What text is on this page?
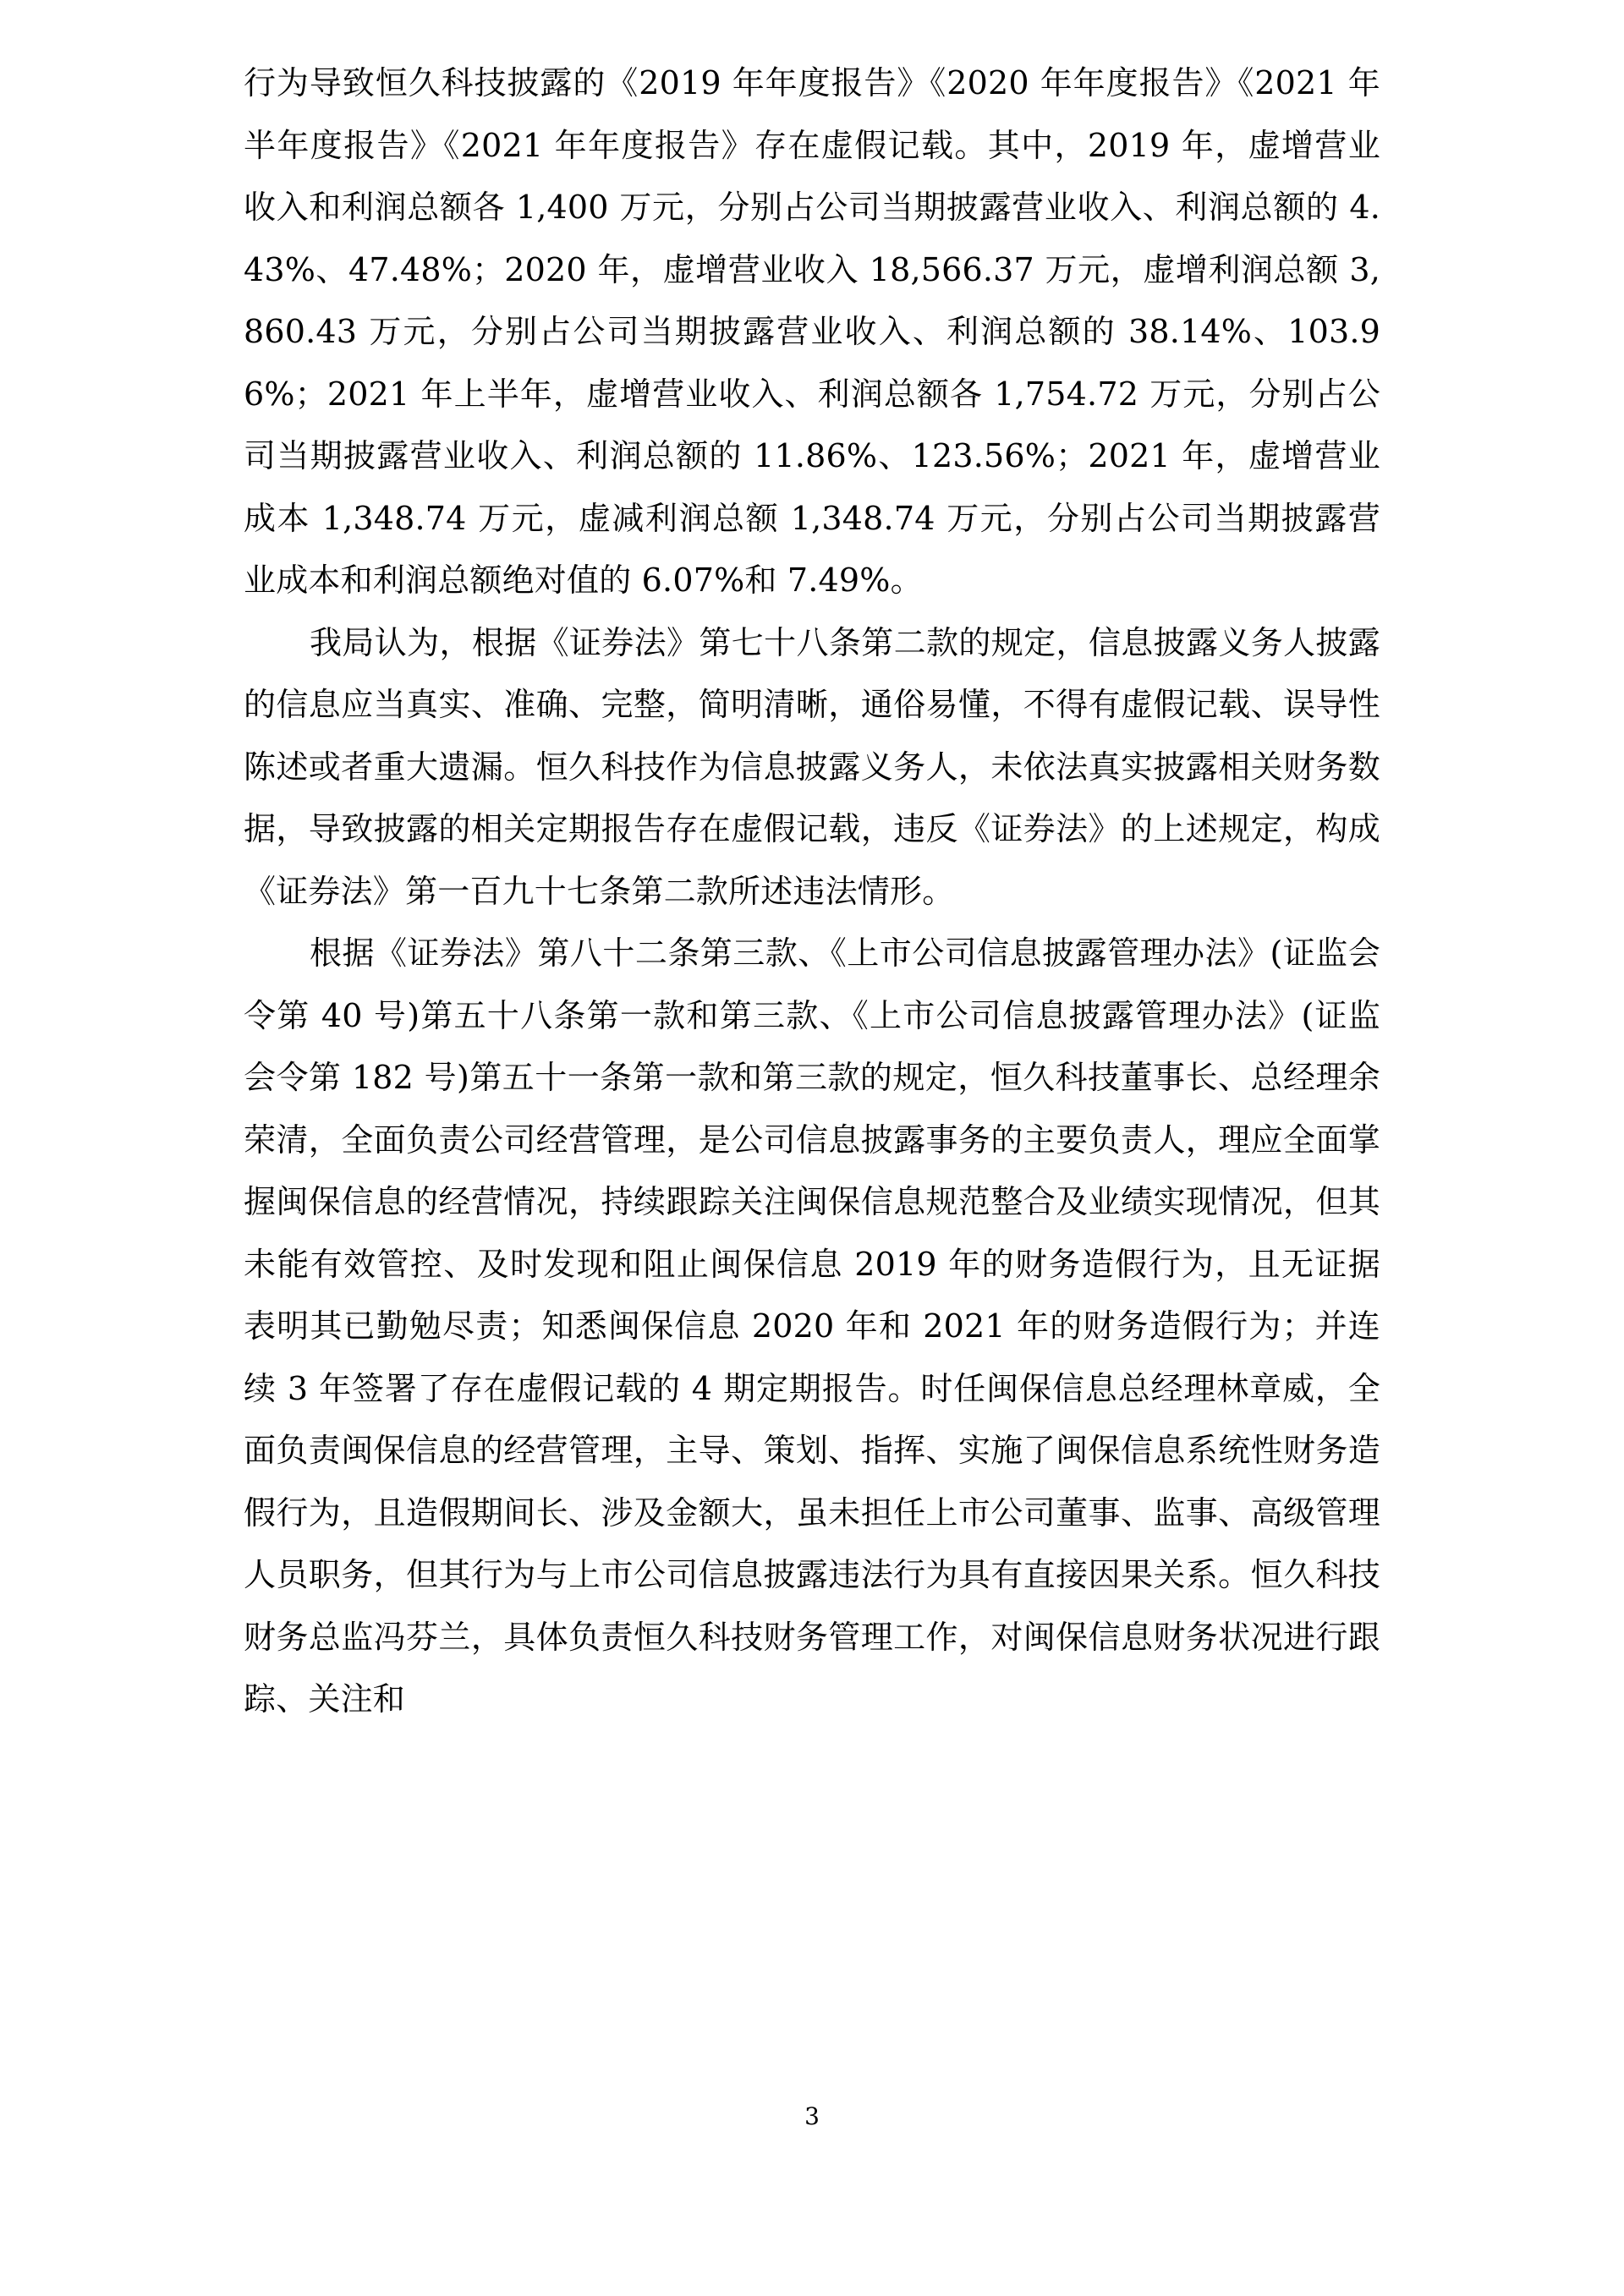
行为导致恒久科技披露的《2019 年年度报告》《2020 年年度报告》《2021 年半年度报告》《2021 年年度报告》存在虚假记载。其中，2019 年，虚增营业收入和利润总额各 1,400 万元，分别占公司当期披露营业收入、利润总额的 4.43%、47.48%；2020 年，虚增营业收入 18,566.37 万元，虚增利润总额 3,860.43 万元，分别占公司当期披露营业收入、利润总额的 38.14%、103.96%；2021 年上半年，虚增营业收入、利润总额各 1,754.72 万元，分别占公司当期披露营业收入、利润总额的 11.86%、123.56%；2021 年，虚增营业成本 1,348.74 万元，虚减利润总额 1,348.74 万元，分别占公司当期披露营业成本和利润总额绝对值的 6.07%和 7.49%。

我局认为，根据《证券法》第七十八条第二款的规定，信息披露义务人披露的信息应当真实、准确、完整，简明清晰，通俗易懂，不得有虚假记载、误导性陈述或者重大遗漏。恒久科技作为信息披露义务人，未依法真实披露相关财务数据，导致披露的相关定期报告存在虚假记载，违反《证券法》的上述规定，构成《证券法》第一百九十七条第二款所述违法情形。

根据《证券法》第八十二条第三款、《上市公司信息披露管理办法》(证监会令第 40 号)第五十八条第一款和第三款、《上市公司信息披露管理办法》(证监会令第 182 号)第五十一条第一款和第三款的规定，恒久科技董事长、总经理余荣清，全面负责公司经营管理，是公司信息披露事务的主要负责人，理应全面掌握闽保信息的经营情况，持续跟踪关注闽保信息规范整合及业绩实现情况，但其未能有效管控、及时发现和阻止闽保信息 2019 年的财务造假行为，且无证据表明其已勤勉尽责；知悉闽保信息 2020 年和 2021 年的财务造假行为；并连续 3 年签署了存在虚假记载的 4 期定期报告。时任闽保信息总经理林章威，全面负责闽保信息的经营管理，主导、策划、指挥、实施了闽保信息系统性财务造假行为，且造假期间长、涉及金额大，虽未担任上市公司董事、监事、高级管理人员职务，但其行为与上市公司信息披露违法行为具有直接因果关系。恒久科技财务总监冯芬兰，具体负责恒久科技财务管理工作，对闽保信息财务状况进行跟踪、关注和

3
